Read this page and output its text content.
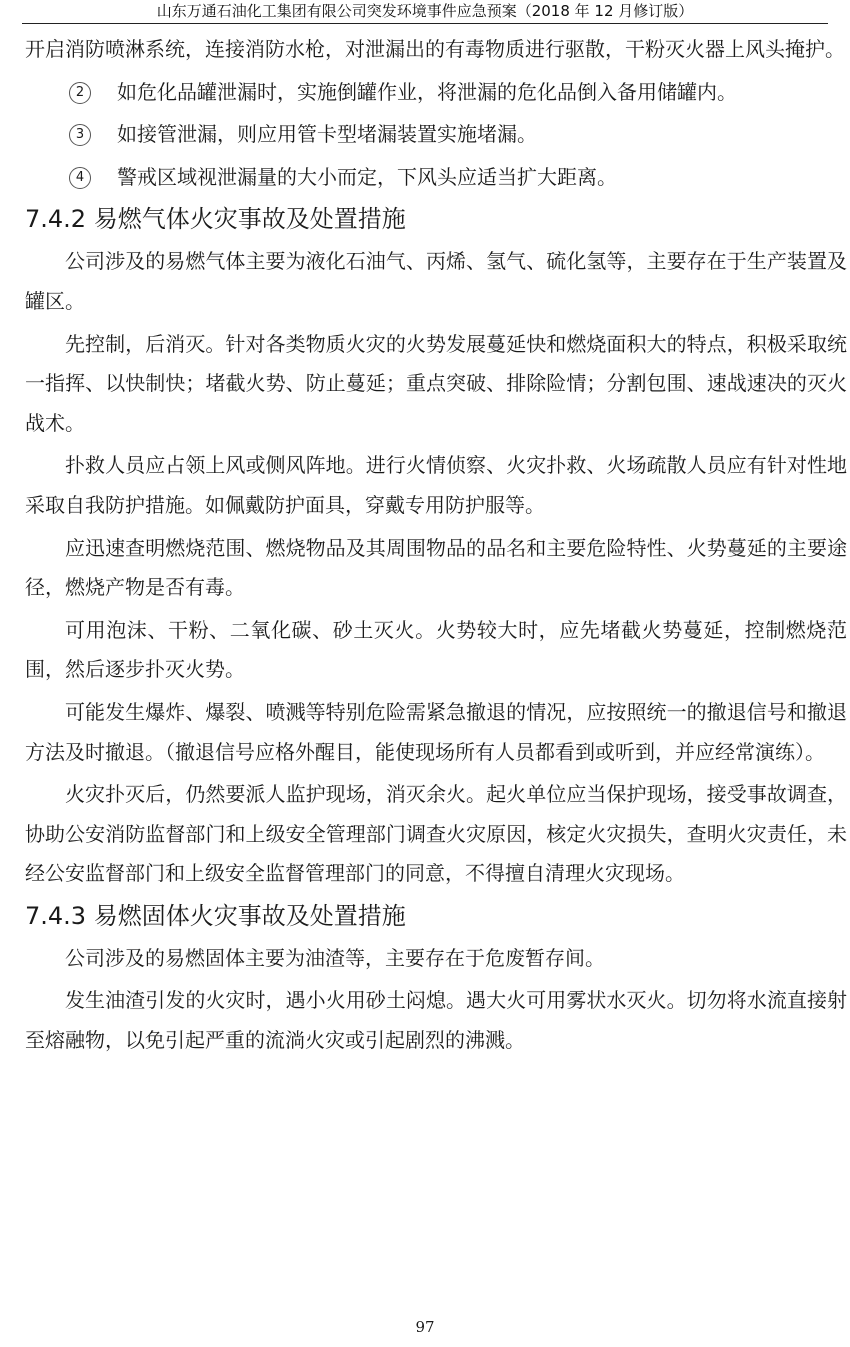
山东万通石油化工集团有限公司突发环境事件应急预案（2018 年 12 月修订版）

开启消防喷淋系统，连接消防水枪，对泄漏出的有毒物质进行驱散，干粉灭火器上风头掩护。

2	如危化品罐泄漏时，实施倒罐作业，将泄漏的危化品倒入备用储罐内。
3	如接管泄漏，则应用管卡型堵漏装置实施堵漏。
4	警戒区域视泄漏量的大小而定，下风头应适当扩大距离。
7.4.2 易燃气体火灾事故及处置措施

公司涉及的易燃气体主要为液化石油气、丙烯、氢气、硫化氢等，主要存在于生产装置及罐区。

先控制，后消灭。针对各类物质火灾的火势发展蔓延快和燃烧面积大的特点，积极采取统一指挥、以快制快；堵截火势、防止蔓延；重点突破、排除险情；分割包围、速战速决的灭火战术。

扑救人员应占领上风或侧风阵地。进行火情侦察、火灾扑救、火场疏散人员应有针对性地采取自我防护措施。如佩戴防护面具，穿戴专用防护服等。

应迅速查明燃烧范围、燃烧物品及其周围物品的品名和主要危险特性、火势蔓延的主要途径，燃烧产物是否有毒。

可用泡沫、干粉、二氧化碳、砂土灭火。火势较大时，应先堵截火势蔓延，控制燃烧范围，然后逐步扑灭火势。

可能发生爆炸、爆裂、喷溅等特别危险需紧急撤退的情况，应按照统一的撤退信号和撤退方法及时撤退。（撤退信号应格外醒目，能使现场所有人员都看到或听到，并应经常演练）。

火灾扑灭后，仍然要派人监护现场，消灭余火。起火单位应当保护现场，接受事故调查，协助公安消防监督部门和上级安全管理部门调查火灾原因，核定火灾损失，查明火灾责任，未经公安监督部门和上级安全监督管理部门的同意，不得擅自清理火灾现场。

7.4.3 易燃固体火灾事故及处置措施

公司涉及的易燃固体主要为油渣等，主要存在于危废暂存间。

发生油渣引发的火灾时，遇小火用砂土闷熄。遇大火可用雾状水灭火。切勿将水流直接射至熔融物，以免引起严重的流淌火灾或引起剧烈的沸溅。

97
